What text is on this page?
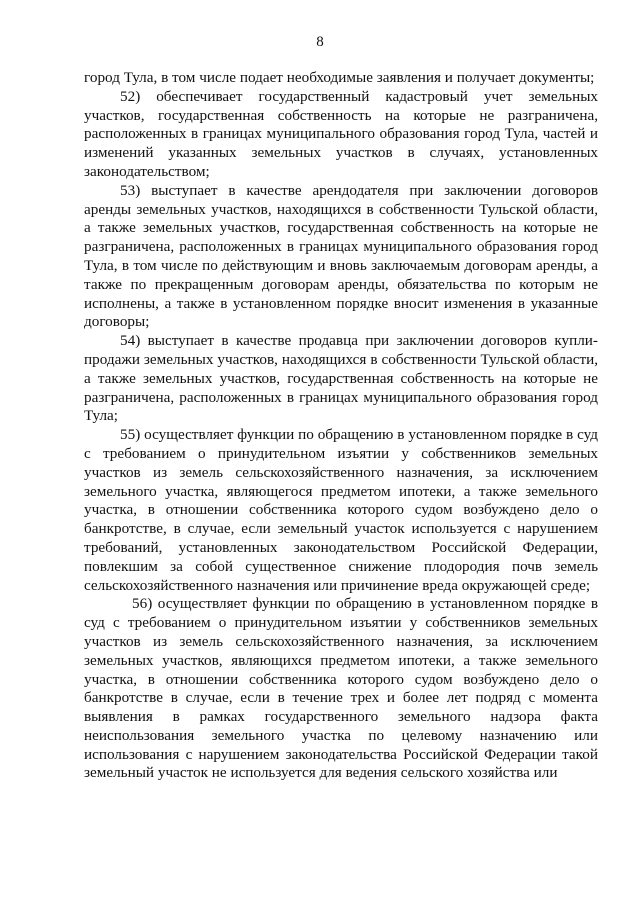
8

город Тула, в том числе подает необходимые заявления и получает документы;

52) обеспечивает государственный кадастровый учет земельных участков, государственная собственность на которые не разграничена, расположенных в границах муниципального образования город Тула, частей и изменений указанных земельных участков в случаях, установленных законодательством;

53) выступает в качестве арендодателя при заключении договоров аренды земельных участков, находящихся в собственности Тульской области, а также земельных участков, государственная собственность на которые не разграничена, расположенных в границах муниципального образования город Тула, в том числе по действующим и вновь заключаемым договорам аренды, а также по прекращенным договорам аренды, обязательства по которым не исполнены, а также в установленном порядке вносит изменения в указанные договоры;

54) выступает в качестве продавца при заключении договоров купли-продажи земельных участков, находящихся в собственности Тульской области, а также земельных участков, государственная собственность на которые не разграничена, расположенных в границах муниципального образования город Тула;

55) осуществляет функции по обращению в установленном порядке в суд с требованием о принудительном изъятии у собственников земельных участков из земель сельскохозяйственного назначения, за исключением земельного участка, являющегося предметом ипотеки, а также земельного участка, в отношении собственника которого судом возбуждено дело о банкротстве, в случае, если земельный участок используется с нарушением требований, установленных законодательством Российской Федерации, повлекшим за собой существенное снижение плодородия почв земель сельскохозяйственного назначения или причинение вреда окружающей среде;

56) осуществляет функции по обращению в установленном порядке в суд с требованием о принудительном изъятии у собственников земельных участков из земель сельскохозяйственного назначения, за исключением земельных участков, являющихся предметом ипотеки, а также земельного участка, в отношении собственника которого судом возбуждено дело о банкротстве в случае, если в течение трех и более лет подряд с момента выявления в рамках государственного земельного надзора факта неиспользования земельного участка по целевому назначению или использования с нарушением законодательства Российской Федерации такой земельный участок не используется для ведения сельского хозяйства или
